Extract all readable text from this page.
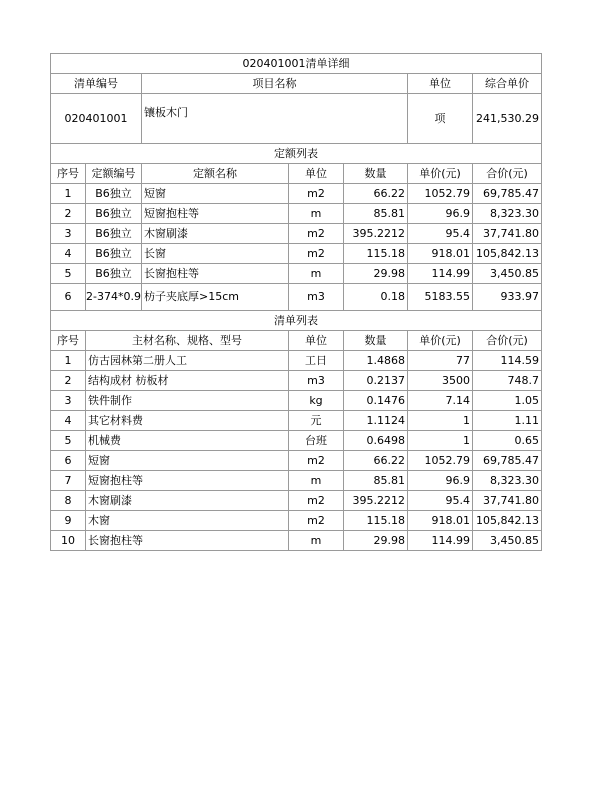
020401001清单详细						
清单编号		项目名称			单位	综合单价
020401001		镶板木门			项	241,530.29
定额列表						
序号	定额编号	定额名称	单位	数量	单价(元)	合价(元)
1	B6独立	短窗	m2	66.22	1052.79	69,785.47
2	B6独立	短窗抱柱等	m	85.81	96.9	8,323.30
3	B6独立	木窗刷漆	m2	395.2212	95.4	37,741.80
4	B6独立	长窗	m2	115.18	918.01	105,842.13
5	B6独立	长窗抱柱等	m	29.98	114.99	3,450.85
6	2-374*0.9	枋子夹底厚>15cm	m3	0.18	5183.55	933.97
清单列表						
序号	主材名称、规格、型号		单位	数量	单价(元)	合价(元)
1	仿古园林第二册人工		工日	1.4868	77	114.59
2	结构成材 枋板材		m3	0.2137	3500	748.7
3	铁件制作		kg	0.1476	7.14	1.05
4	其它材料费		元	1.1124	1	1.11
5	机械费		台班	0.6498	1	0.65
6	短窗		m2	66.22	1052.79	69,785.47
7	短窗抱柱等		m	85.81	96.9	8,323.30
8	木窗刷漆		m2	395.2212	95.4	37,741.80
9	木窗		m2	115.18	918.01	105,842.13
10	长窗抱柱等		m	29.98	114.99	3,450.85
